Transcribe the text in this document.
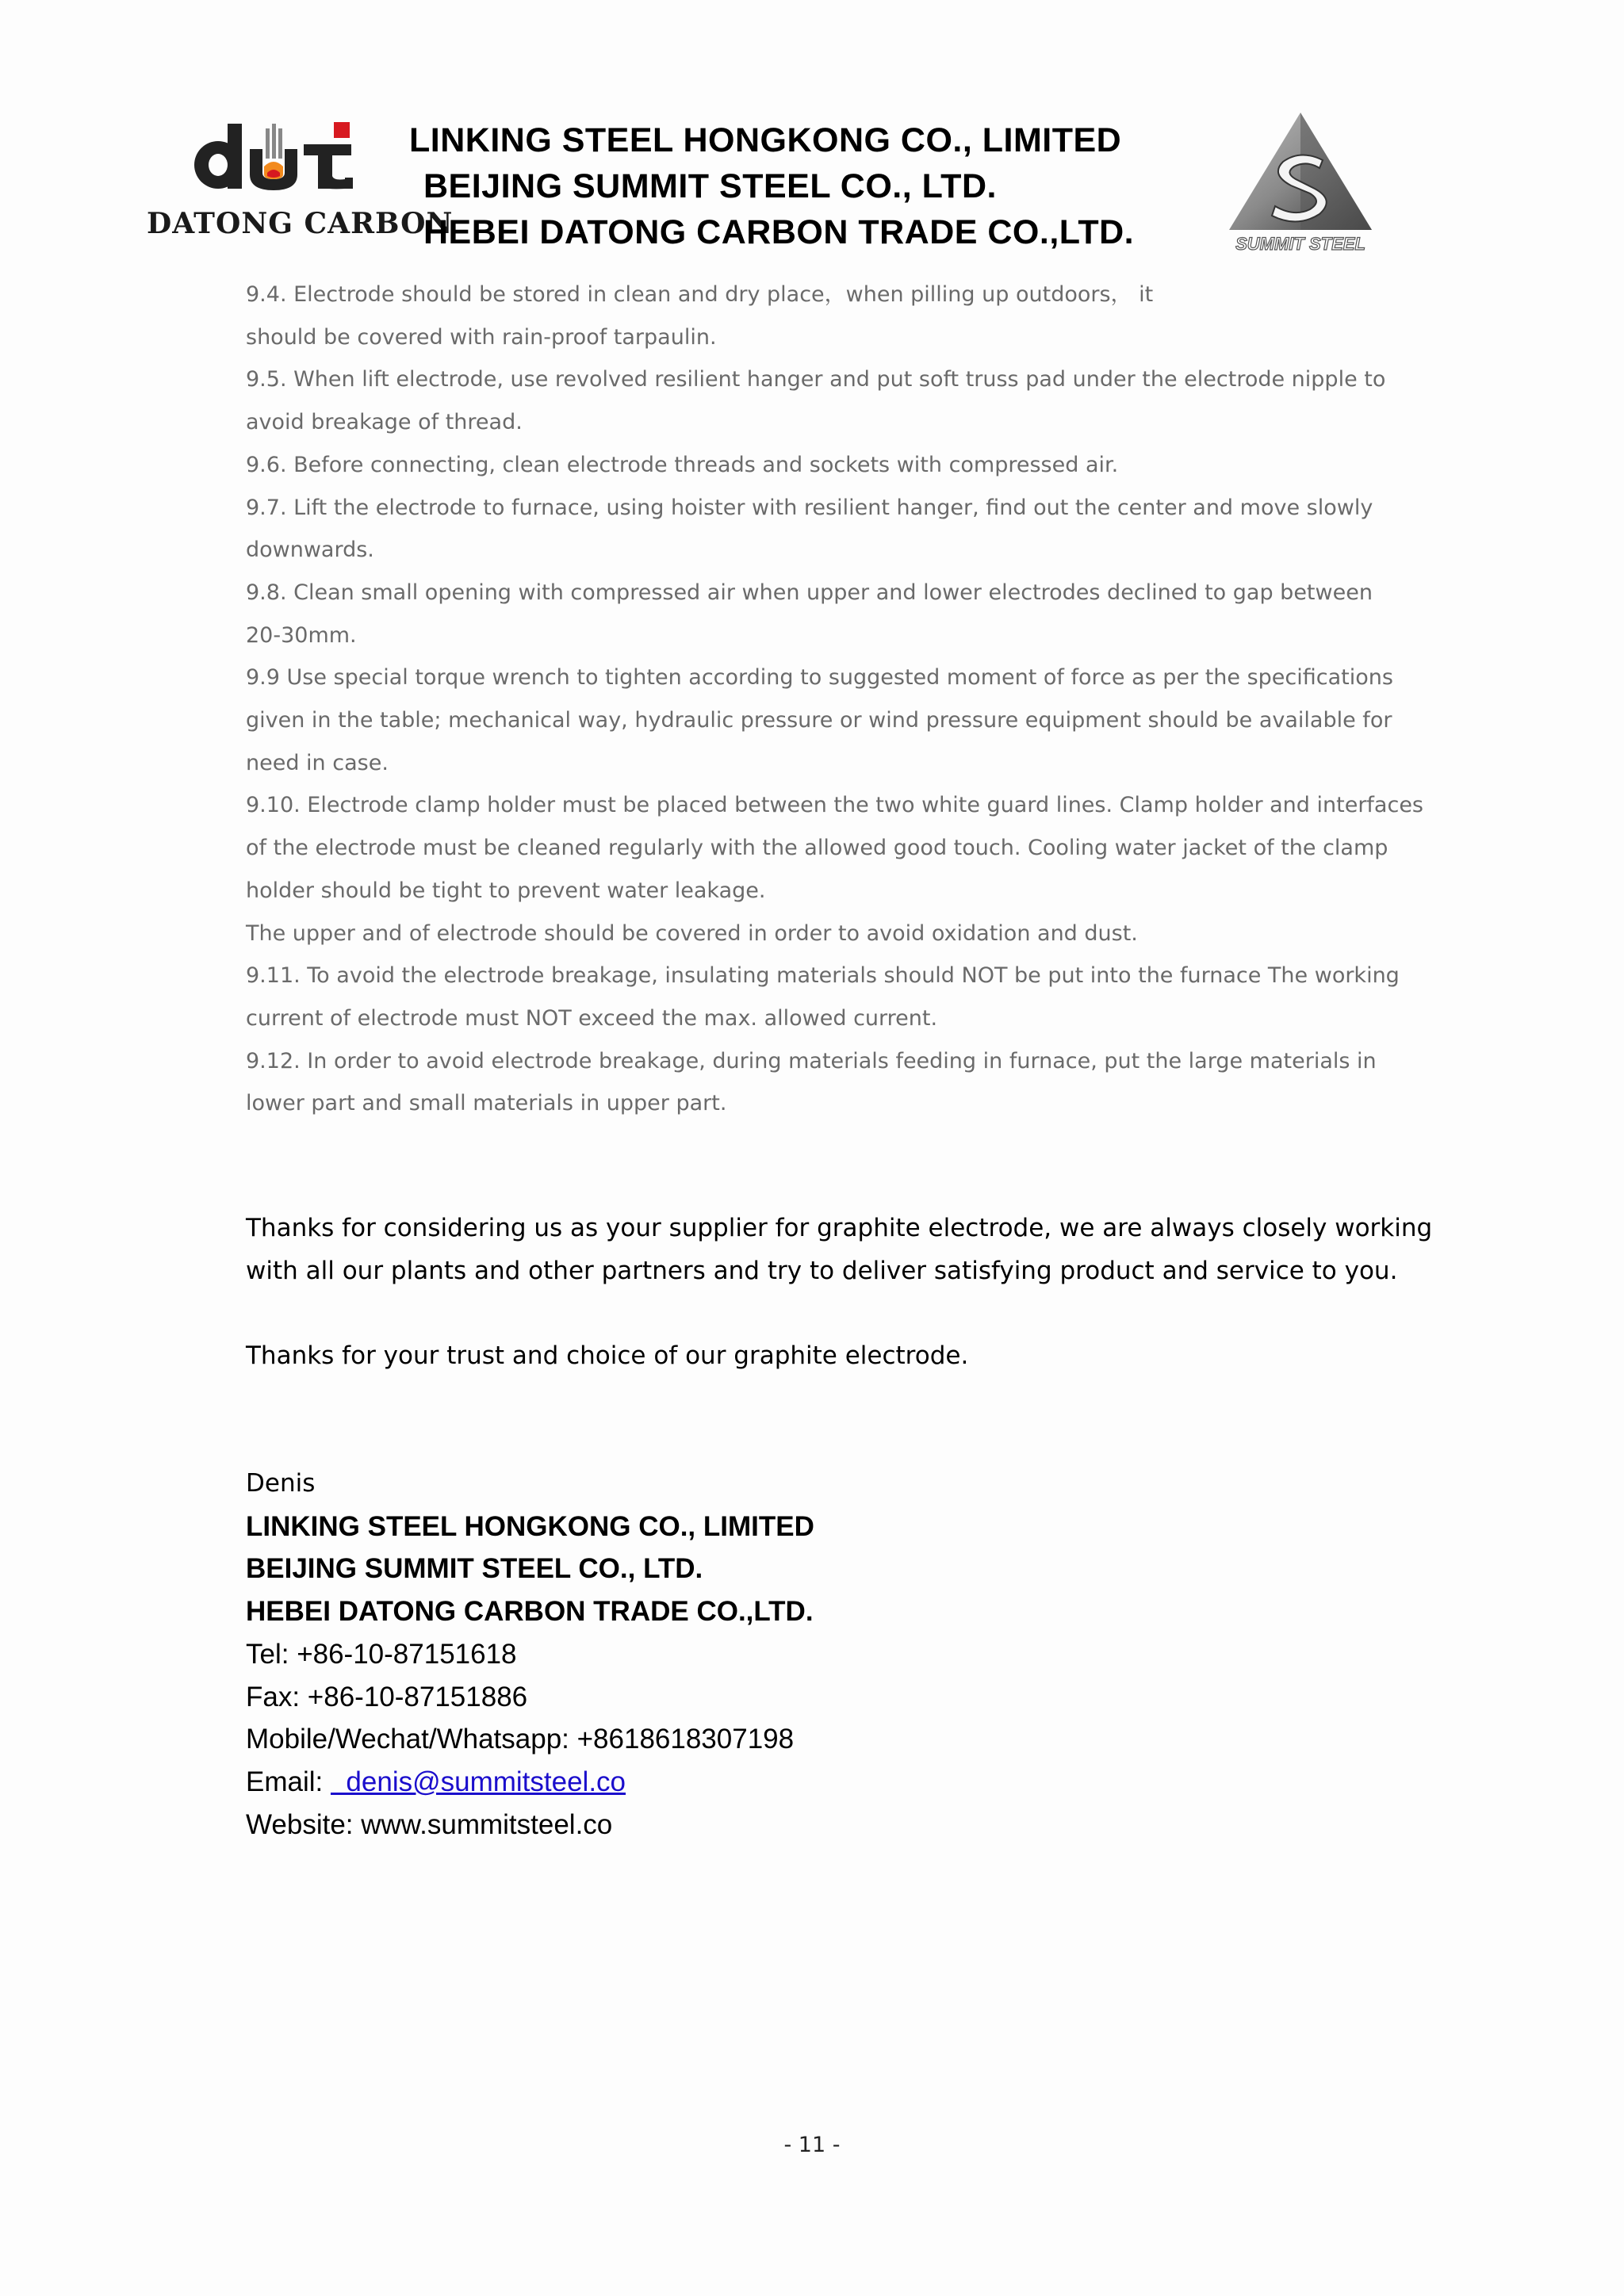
DATONG CARBON
LINKING STEEL HONGKONG CO., LIMITED
BEIJING SUMMIT STEEL CO., LTD.
HEBEI DATONG CARBON TRADE CO.,LTD.	SUMMIT STEEL
9.4. Electrode should be stored in clean and dry place，when pilling up outdoors， it
should be covered with rain-proof tarpaulin.
9.5. When lift electrode, use revolved resilient hanger and put soft truss pad under the electrode nipple to
avoid breakage of thread.
9.6. Before connecting, clean electrode threads and sockets with compressed air.
9.7. Lift the electrode to furnace, using hoister with resilient hanger, find out the center and move slowly
downwards.
9.8. Clean small opening with compressed air when upper and lower electrodes declined to gap between
20-30mm.
9.9 Use special torque wrench to tighten according to suggested moment of force as per the specifications
given in the table; mechanical way, hydraulic pressure or wind pressure equipment should be available for
need in case.
9.10. Electrode clamp holder must be placed between the two white guard lines. Clamp holder and interfaces
of the electrode must be cleaned regularly with the allowed good touch. Cooling water jacket of the clamp
holder should be tight to prevent water leakage.
The upper and of electrode should be covered in order to avoid oxidation and dust.
9.11. To avoid the electrode breakage, insulating materials should NOT be put into the furnace The working
current of electrode must NOT exceed the max. allowed current.
9.12. In order to avoid electrode breakage, during materials feeding in furnace, put the large materials in
lower part and small materials in upper part.
Thanks for considering us as your supplier for graphite electrode, we are always closely working
with all our plants and other partners and try to deliver satisfying product and service to you.
Thanks for your trust and choice of our graphite electrode.
Denis
LINKING STEEL HONGKONG CO., LIMITED
BEIJING SUMMIT STEEL CO., LTD.
HEBEI DATONG CARBON TRADE CO.,LTD.
Tel: +86-10-87151618
Fax: +86-10-87151886
Mobile/Wechat/Whatsapp: +8618618307198
Email:   denis@summitsteel.co
Website: www.summitsteel.co
- 11 -
